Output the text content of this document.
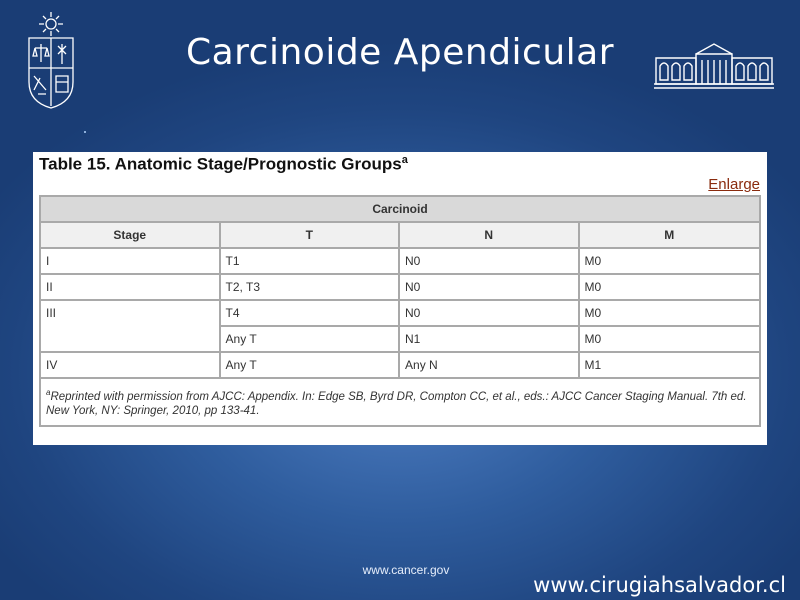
Carcinoide Apendicular
Table 15. Anatomic Stage/Prognostic Groups$^a$
Enlarge
Carcinoid			
Stage	T	N	M
I	T1	N0	M0
II	T2, T3	N0	M0
III	T4	N0	M0
	Any T	N1	M0
IV	Any T	Any N	M1
$^a$Reprinted with permission from AJCC: Appendix. In: Edge SB, Byrd DR, Compton CC, et al., eds.: AJCC Cancer Staging Manual. 7th ed. New York, NY: Springer, 2010, pp 133-41.			
www.cancer.gov
www.cirugiahsalvador.cl
